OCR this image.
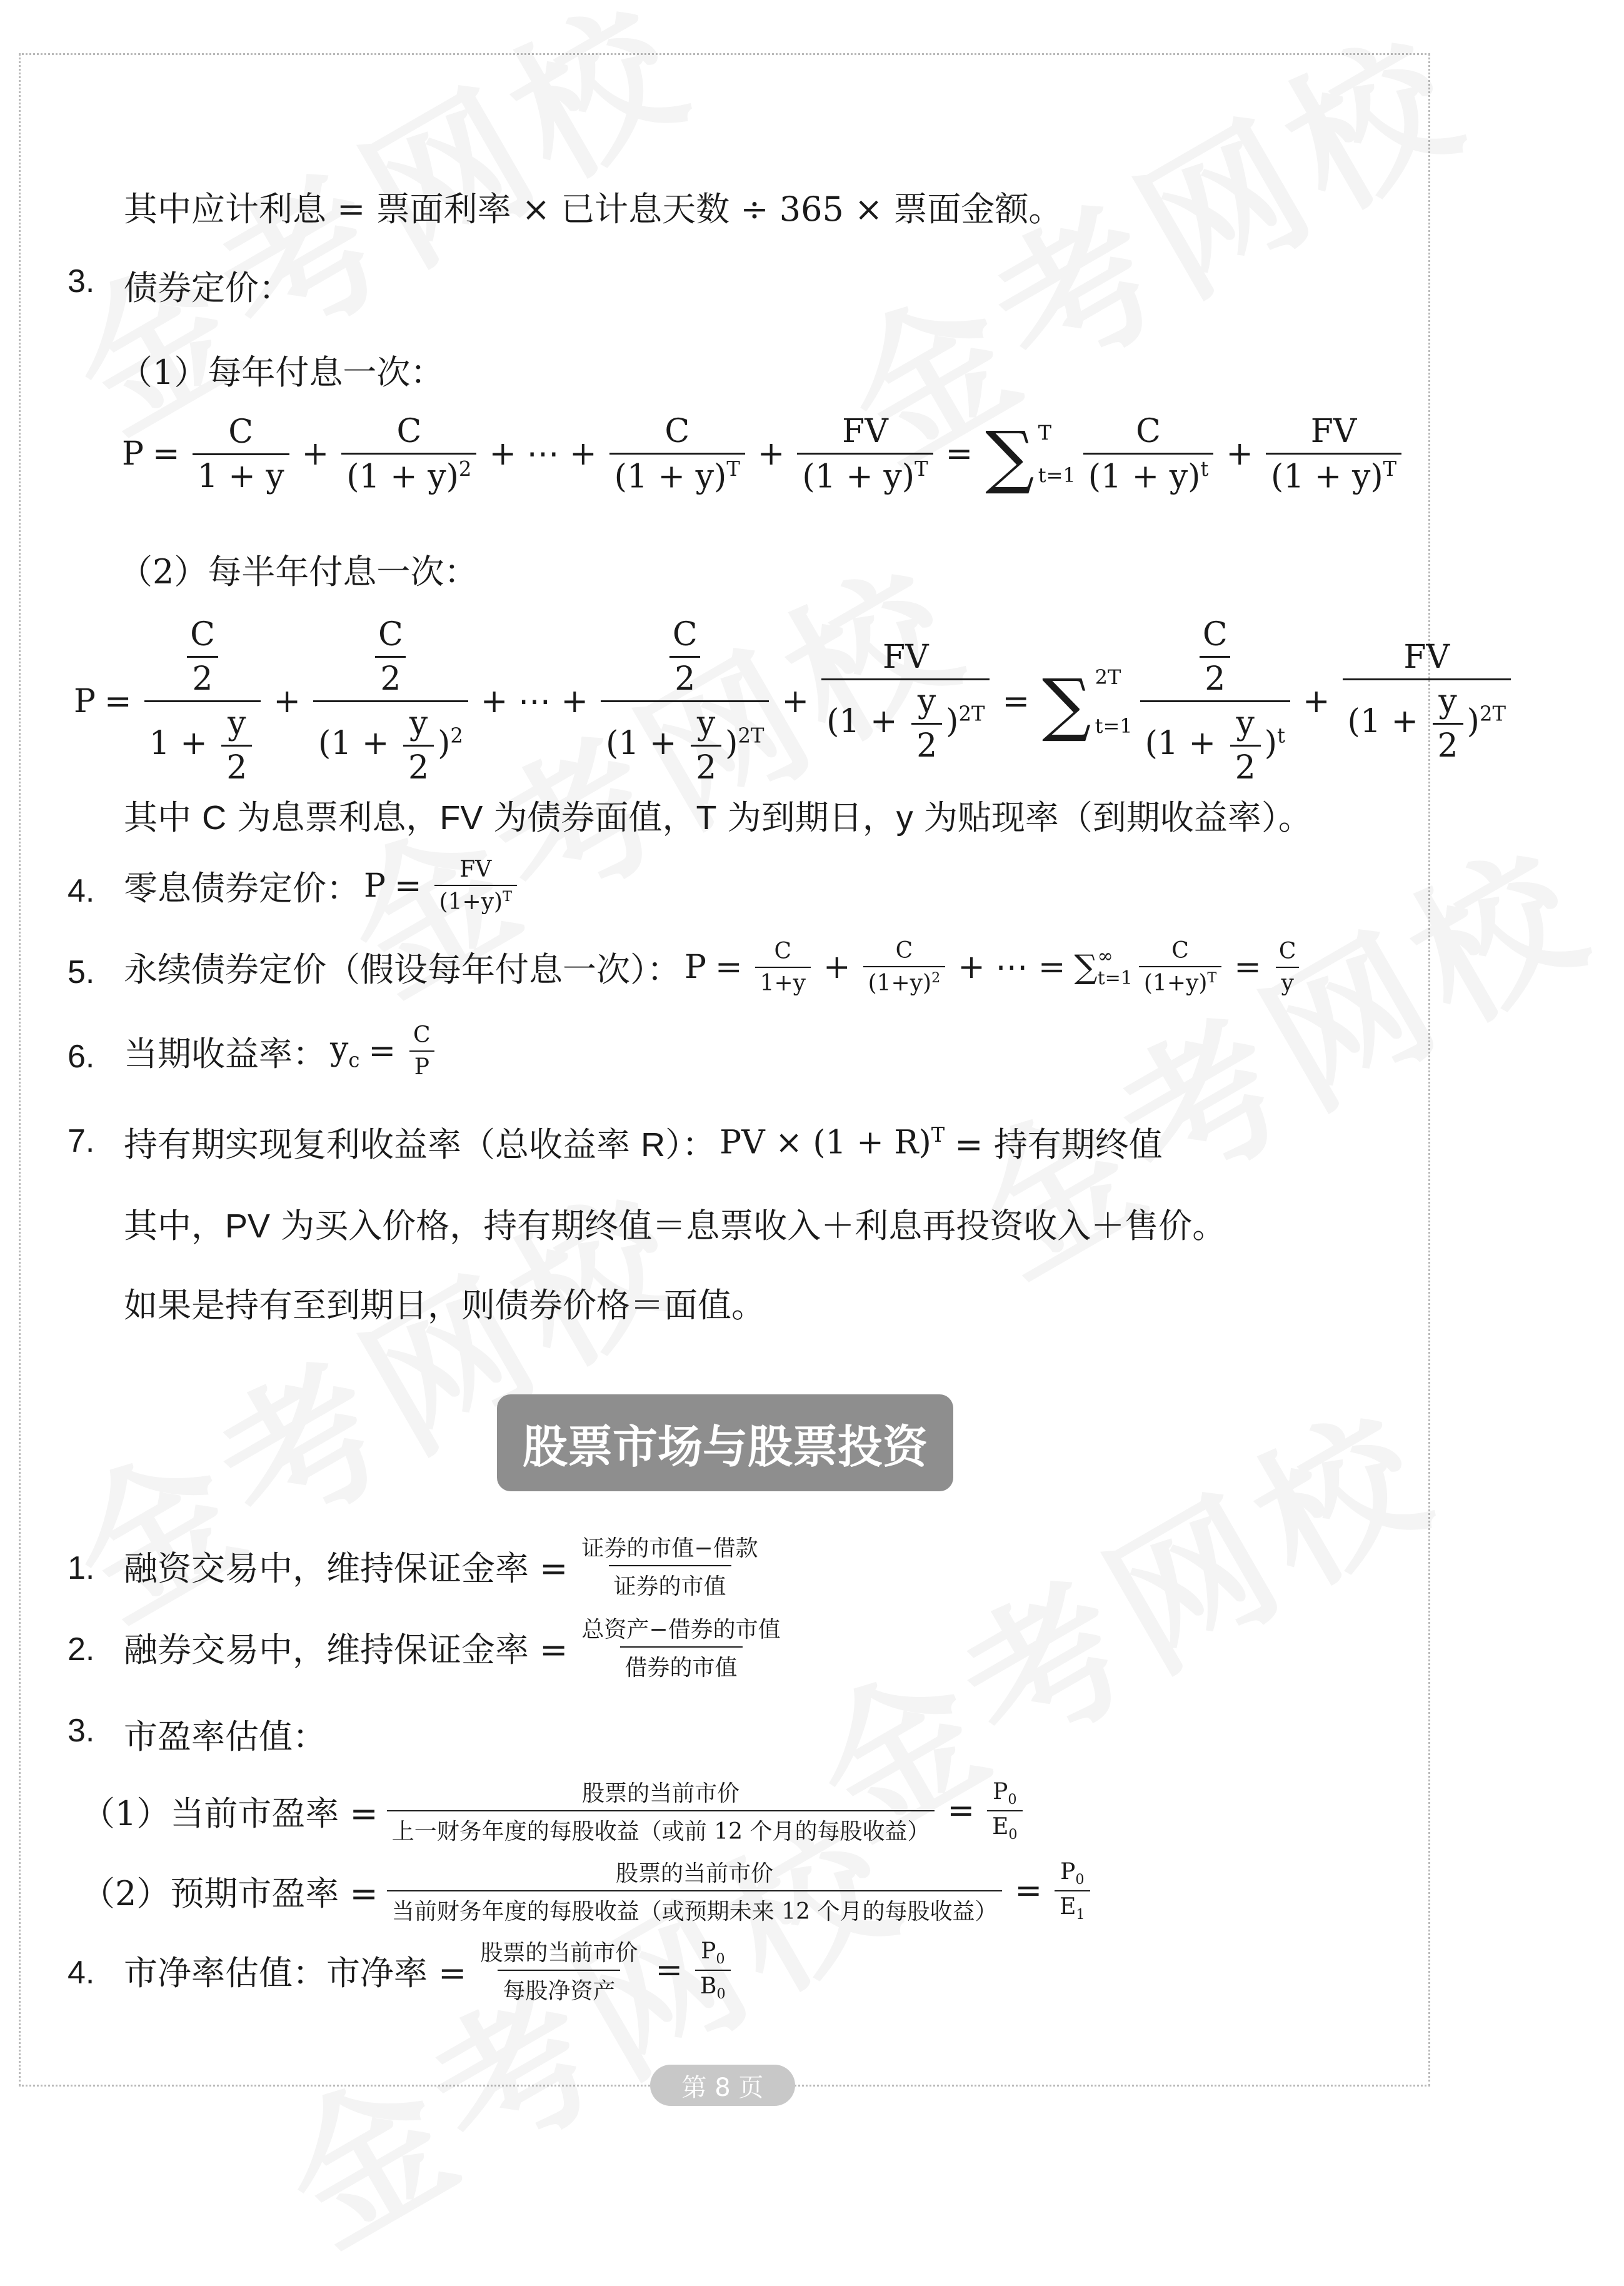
其中应计利息 = 票面利率 × 已计息天数 ÷ 365 × 票面金额。
3. 债券定价：
（1）每年付息一次：
$P = \frac{C}{1 + y} + \frac{C}{(1 + y)^2}$ + ⋯ + $\frac{C}{(1 + y)^T} + \frac{FV}{(1 + y)^T}$ = ∑ T
$t=1 \frac{C}{(1 + y)^t} + \frac{FV}{(1 + y)^T}$
（2）每半年付息一次：
$P = \frac{\frac{C}{2}}{1 + \frac{y}{2}} + \frac{\frac{C}{2}}{(1 + \frac{y}{2} )^2}$ + ⋯ + $\frac{\frac{C}{2}}{(1 + \frac{y}{2} )^{2T}} + \frac{FV}{(1 + \frac{y}{2} )^{2T}}$ = ∑ 2T
$t=1 \frac{\frac{C}{2}}{(1 + \frac{y}{2} )^t} + \frac{FV}{(1 + \frac{y}{2} )^{2T}}$
其中 C 为息票利息，FV 为债券面值，T 为到期日，y 为贴现率（到期收益率）。
4. 零息债券定价： $P = \frac{FV}{(1+y)^T}$
5. 永续债券定价（假设每年付息一次）： $P = \frac{C}{1+y} + \frac{C}{(1+y)^2}$ + ⋯ = ∑ ∞
$t=1 \frac{C}{(1+y)^T} = \frac{C}{y}$
6. 当期收益率： $y_c = \frac{C}{P}$
7. 持有期实现复利收益率（总收益率 R）： PV × $(1 + R)^T$ = 持有期终值
其中，PV 为买入价格，持有期终值＝息票收入＋利息再投资收入＋售价。
如果是持有至到期日，则债券价格＝面值。
股票市场与股票投资
1. 融资交易中，维持保证金率 = $\frac{\text{证券的市值−借款}}{\text{证券的市值}}$
2. 融券交易中，维持保证金率 = $\frac{\text{总资产−借券的市值}}{\text{借券的市值}}$
3. 市盈率估值：
（1）当前市盈率 = $\frac{\text{股票的当前市价}}{\text{上一财务年度的每股收益（或前 12 个月的每股收益）}} = \frac{P_0}{E_0}$
（2）预期市盈率 = $\frac{\text{股票的当前市价}}{\text{当前财务年度的每股收益（或预期未来 12 个月的每股收益）}} = \frac{P_0}{E_1}$
4. 市净率估值：市净率 = $\frac{\text{股票的当前市价}}{\text{每股净资产}} = \frac{P_0}{B_0}$
第 8 页
